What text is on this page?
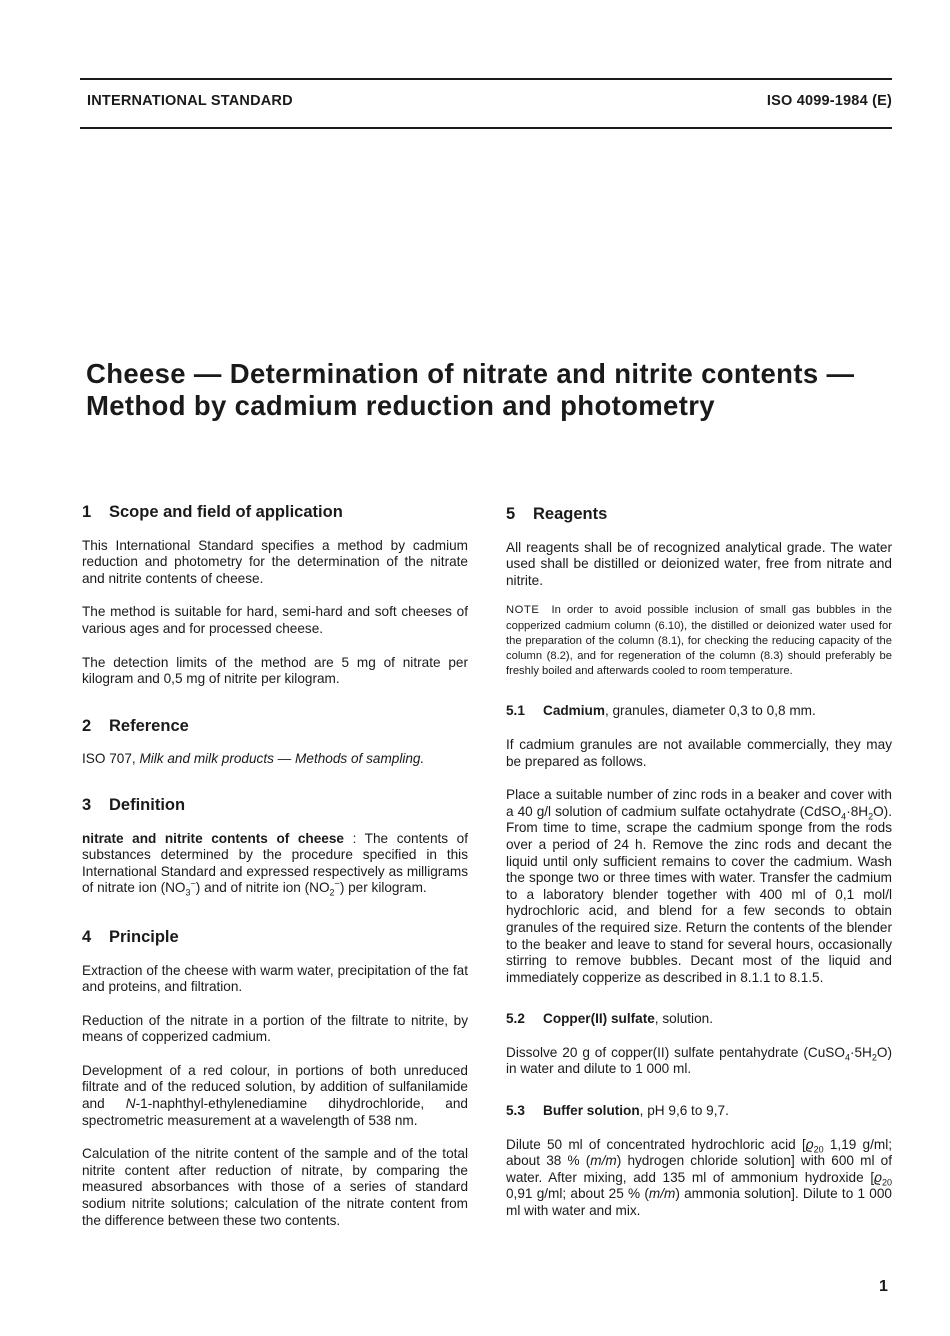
INTERNATIONAL STANDARD	ISO 4099-1984 (E)
Cheese — Determination of nitrate and nitrite contents —
Method by cadmium reduction and photometry
1 Scope and field of application

This International Standard specifies a method by cadmium reduction and photometry for the determination of the nitrate and nitrite contents of cheese.

The method is suitable for hard, semi-hard and soft cheeses of various ages and for processed cheese.

The detection limits of the method are 5 mg of nitrate per kilogram and 0,5 mg of nitrite per kilogram.

2 Reference

ISO 707, Milk and milk products — Methods of sampling.

3 Definition

nitrate and nitrite contents of cheese : The contents of substances determined by the procedure specified in this International Standard and expressed respectively as milligrams of nitrate ion $(NO_3^-)$ and of nitrite ion $(NO_2^-)$ per kilogram.

4 Principle

Extraction of the cheese with warm water, precipitation of the fat and proteins, and filtration.

Reduction of the nitrate in a portion of the filtrate to nitrite, by means of copperized cadmium.

Development of a red colour, in portions of both unreduced filtrate and of the reduced solution, by addition of sulfanilamide and N-1-naphthyl-ethylenediamine dihydrochloride, and spectrometric measurement at a wavelength of 538 nm.

Calculation of the nitrite content of the sample and of the total nitrite content after reduction of nitrate, by comparing the measured absorbances with those of a series of standard sodium nitrite solutions; calculation of the nitrate content from the difference between these two contents.

5 Reagents

All reagents shall be of recognized analytical grade. The water used shall be distilled or deionized water, free from nitrate and nitrite.

NOTE In order to avoid possible inclusion of small gas bubbles in the copperized cadmium column (6.10), the distilled or deionized water used for the preparation of the column (8.1), for checking the reducing capacity of the column (8.2), and for regeneration of the column (8.3) should preferably be freshly boiled and afterwards cooled to room temperature.

5.1 Cadmium, granules, diameter 0,3 to 0,8 mm.

If cadmium granules are not available commercially, they may be prepared as follows.

Place a suitable number of zinc rods in a beaker and cover with a 40 g/l solution of cadmium sulfate octahydrate $(CdSO_4\cdot 8H_2O)$. From time to time, scrape the cadmium sponge from the rods over a period of 24 h. Remove the zinc rods and decant the liquid until only sufficient remains to cover the cadmium. Wash the sponge two or three times with water. Transfer the cadmium to a laboratory blender together with 400 ml of 0,1 mol/l hydrochloric acid, and blend for a few seconds to obtain granules of the required size. Return the contents of the blender to the beaker and leave to stand for several hours, occasionally stirring to remove bubbles. Decant most of the liquid and immediately copperize as described in 8.1.1 to 8.1.5.

5.2 Copper(II) sulfate, solution.

Dissolve 20 g of copper(II) sulfate pentahydrate $(CuSO_4\cdot 5H_2O)$ in water and dilute to 1 000 ml.

5.3 Buffer solution, pH 9,6 to 9,7.

Dilute 50 ml of concentrated hydrochloric acid [$ϱ_{20}$ 1,19 g/ml; about 38 % (m/m) hydrogen chloride solution] with 600 ml of water. After mixing, add 135 ml of ammonium hydroxide [$ϱ_{20}$ 0,91 g/ml; about 25 % (m/m) ammonia solution]. Dilute to 1 000 ml with water and mix.

1
